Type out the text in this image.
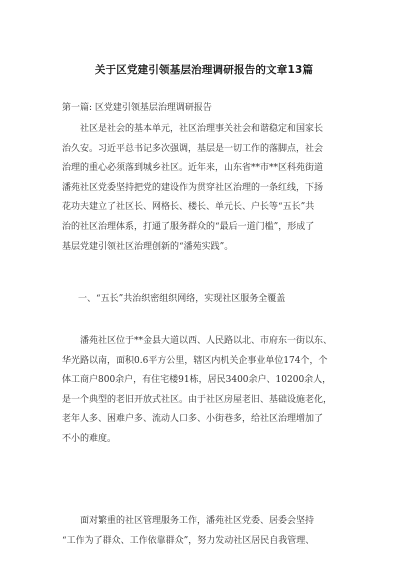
关于区党建引领基层治理调研报告的文章13篇
第一篇: 区党建引领基层治理调研报告
社区是社会的基本单元，社区治理事关社会和谐稳定和国家长
治久安。习近平总书记多次强调，基层是一切工作的落脚点，社会
治理的重心必须落到城乡社区。近年来，山东省**市**区科苑街道
潘苑社区党委坚持把党的建设作为贯穿社区治理的一条红线，下扬
花功夫建立了社区长、网格长、楼长、单元长、户长等“五长”共
治的社区治理体系，打通了服务群众的“最后一道门槛”，形成了
基层党建引领社区治理创新的“潘苑实践”。
一、“五长”共治织密组织网络，实现社区服务全覆盖
潘苑社区位于**金县大道以西、人民路以北、市府东一街以东、
华光路以南，面积0.6平方公里，辖区内机关企事业单位174个，个
体工商户800余户，有住宅楼91栋，居民3400余户、10200余人，
是一个典型的老旧开放式社区。由于社区房屋老旧、基础设施老化，
老年人多、困难户多、流动人口多、小街巷多，给社区治理增加了
不小的难度。
面对繁重的社区管理服务工作，潘苑社区党委、居委会坚持
“工作为了群众、工作依靠群众”，努力发动社区居民自我管理、
